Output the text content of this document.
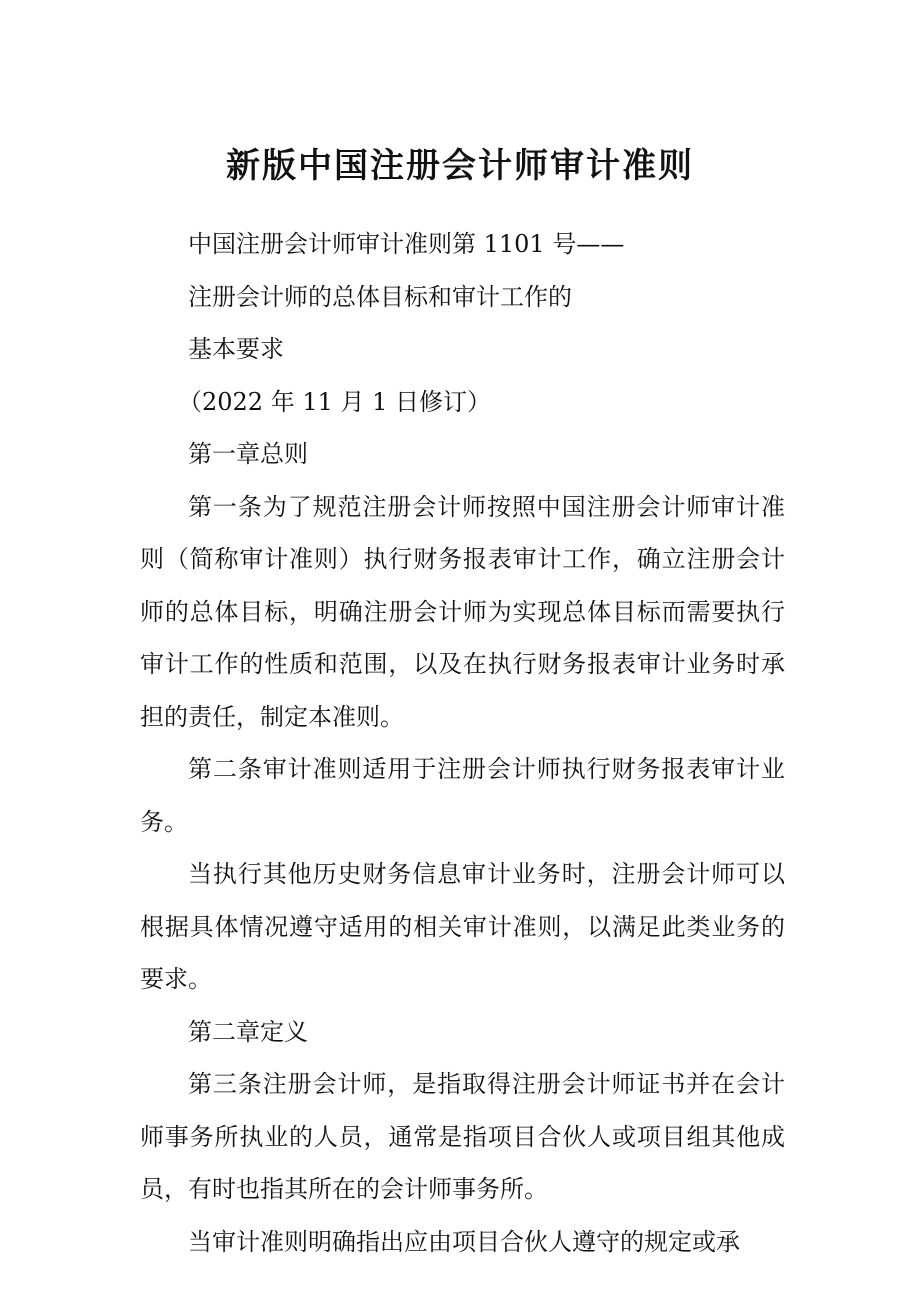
新版中国注册会计师审计准则

中国注册会计师审计准则第 1101 号——

注册会计师的总体目标和审计工作的

基本要求

（2022 年 11 月 1 日修订）

第一章总则

第一条为了规范注册会计师按照中国注册会计师审计准则（简称审计准则）执行财务报表审计工作，确立注册会计师的总体目标，明确注册会计师为实现总体目标而需要执行审计工作的性质和范围，以及在执行财务报表审计业务时承担的责任，制定本准则。

第二条审计准则适用于注册会计师执行财务报表审计业务。

当执行其他历史财务信息审计业务时，注册会计师可以根据具体情况遵守适用的相关审计准则，以满足此类业务的要求。

第二章定义

第三条注册会计师，是指取得注册会计师证书并在会计师事务所执业的人员，通常是指项目合伙人或项目组其他成员，有时也指其所在的会计师事务所。

当审计准则明确指出应由项目合伙人遵守的规定或承
